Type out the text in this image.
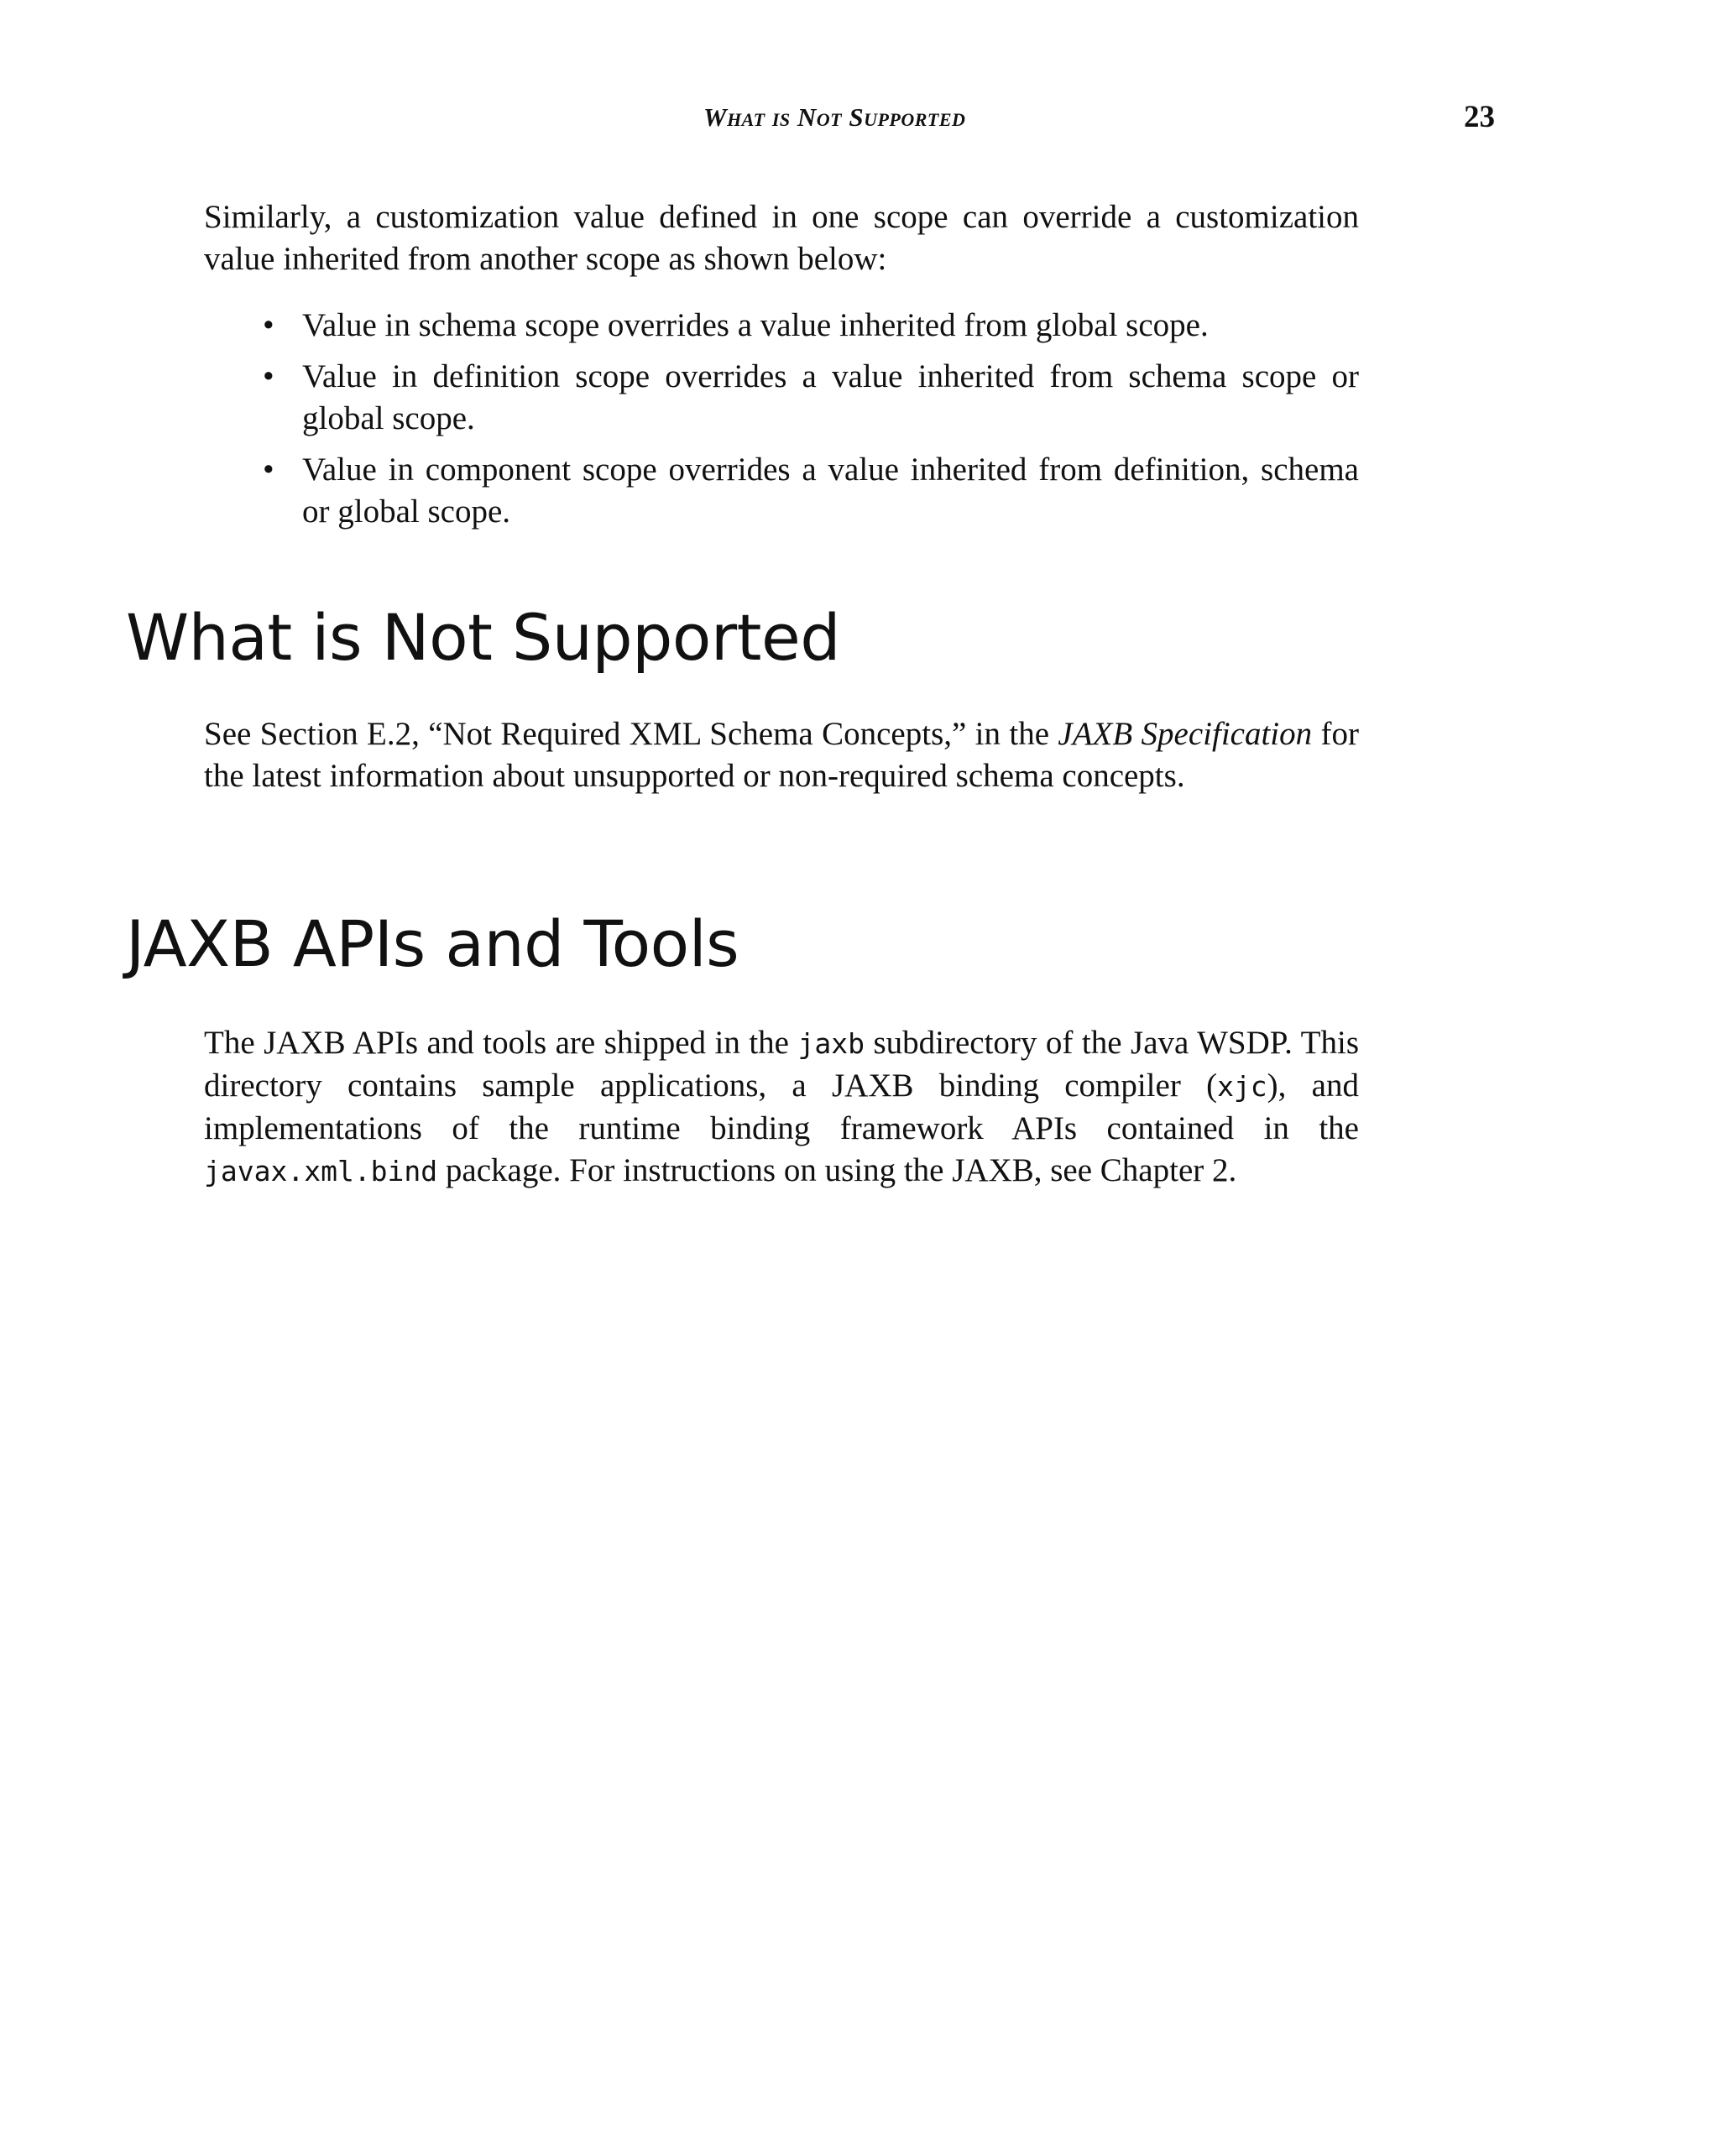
What is Not Supported	23

Similarly, a customization value defined in one scope can override a customization value inherited from another scope as shown below:

• Value in schema scope overrides a value inherited from global scope.
• Value in definition scope overrides a value inherited from schema scope or global scope.
• Value in component scope overrides a value inherited from definition, schema or global scope.
What is Not Supported

See Section E.2, “Not Required XML Schema Concepts,” in the JAXB Specification for the latest information about unsupported or non-required schema concepts.

JAXB APIs and Tools

The JAXB APIs and tools are shipped in the jaxb subdirectory of the Java WSDP. This directory contains sample applications, a JAXB binding compiler (xjc), and implementations of the runtime binding framework APIs contained in the javax.xml.bind package. For instructions on using the JAXB, see Chapter 2.
